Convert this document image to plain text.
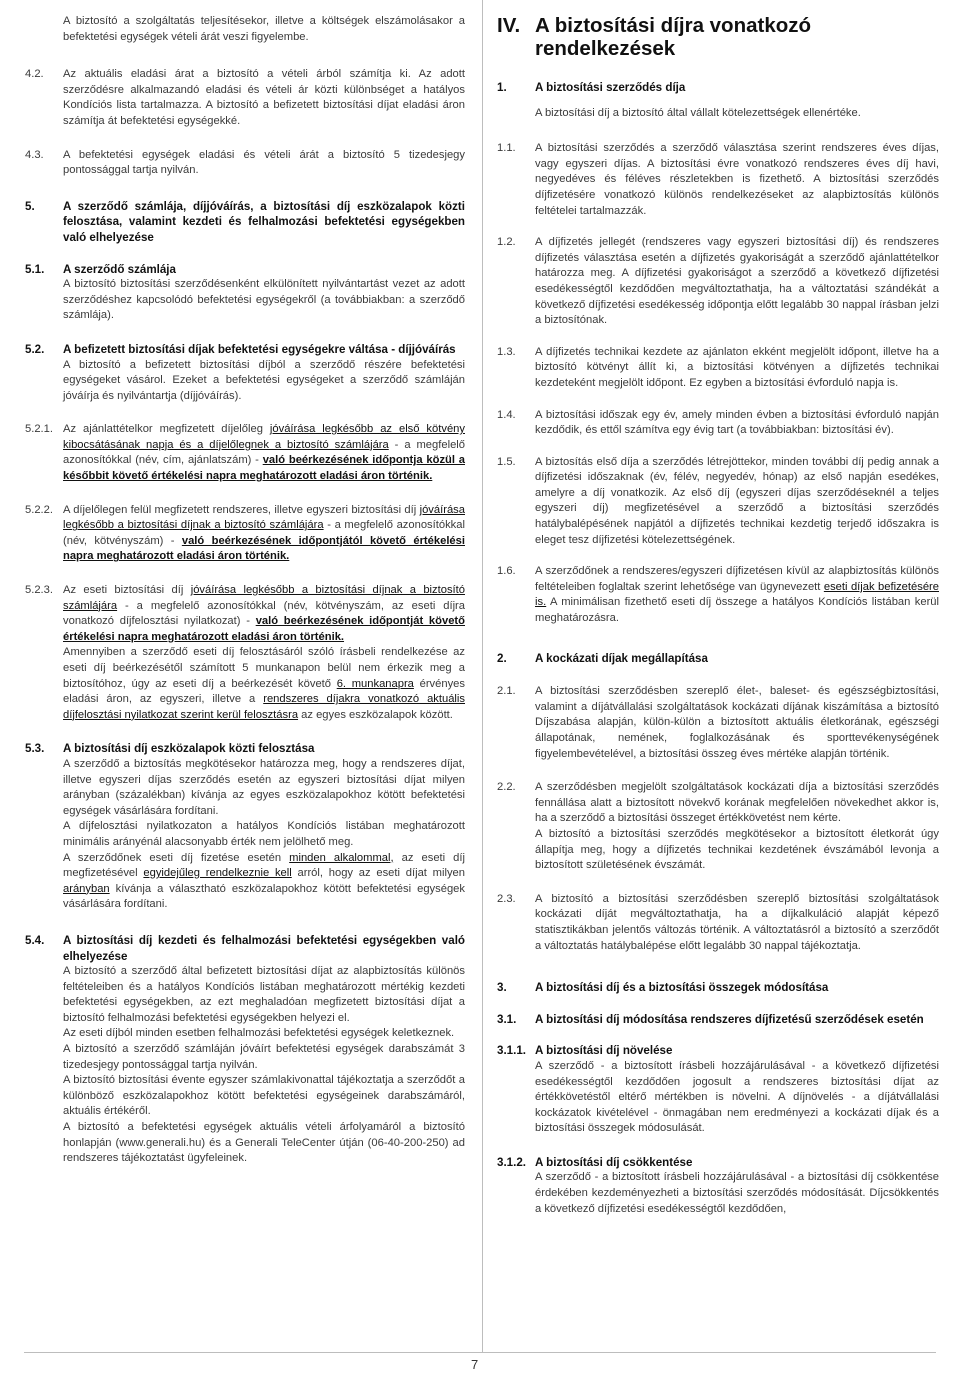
A biztosító a szolgáltatás teljesítésekor, illetve a költségek elszámolásakor a befektetési egységek vételi árát veszi figyelembe.
4.2.	Az aktuális eladási árat a biztosító a vételi árból számítja ki. Az adott szerződésre alkalmazandó eladási és vételi ár közti különbséget a hatályos Kondíciós lista tartalmazza. A biztosító a befizetett biztosítási díjat eladási áron számítja át befektetési egységekké.
4.3.	A befektetési egységek eladási és vételi árát a biztosító 5 tizedesjegy pontossággal tartja nyilván.
5.	A szerződő számlája, díjjóváírás, a biztosítási díj eszközalapok közti felosztása, valamint kezdeti és felhalmozási befektetési egységekben való elhelyezése
5.1.	A szerződő számlája
A biztosító biztosítási szerződésenként elkülönített nyilvántartást vezet az adott szerződéshez kapcsolódó befektetési egységekről (a továbbiakban: a szerződő számlája).
5.2.	A befizetett biztosítási díjak befektetési egységekre váltása - díjjóváírás
A biztosító a befizetett biztosítási díjból a szerződő részére befektetési egységeket vásárol. Ezeket a befektetési egységeket a szerződő számláján jóváírja és nyilvántartja (díjjóváírás).
5.2.1. Az ajánlattételkor megfizetett díjelőleg jóváírása legkésőbb az első kötvény kibocsátásának napja és a díjelőlegnek a biztosító számlájára - a megfelelő azonosítókkal (név, cím, ajánlatszám) - való beérkezésének időpontja közül a későbbit követő értékelési napra meghatározott eladási áron történik.
5.2.2. A díjelőlegen felül megfizetett rendszeres, illetve egyszeri biztosítási díj jóváírása legkésőbb a biztosítási díjnak a biztosító számlájára - a megfelelő azonosítókkal (név, kötvényszám) - való beérkezésének időpontjától követő értékelési napra meghatározott eladási áron történik.
5.2.3. Az eseti biztosítási díj jóváírása legkésőbb a biztosítási díjnak a biztosító számlájára - a megfelelő azonosítókkal (név, kötvényszám, az eseti díjra vonatkozó díjfelosztási nyilatkozat) - való beérkezésének időpontját követő értékelési napra meghatározott eladási áron történik.

Amennyiben a szerződő eseti díj felosztásáról szóló írásbeli rendelkezése az eseti díj beérkezésétől számított 5 munkanapon belül nem érkezik meg a biztosítóhoz, úgy az eseti díj a beérkezését követő 6. munkanapra érvényes eladási áron, az egyszeri, illetve a rendszeres díjakra vonatkozó aktuális díjfelosztási nyilatkozat szerint kerül felosztásra az egyes eszközalapok között.

5.3.	A biztosítási díj eszközalapok közti felosztása

A szerződő a biztosítás megkötésekor határozza meg, hogy a rendszeres díjat, illetve egyszeri díjas szerződés esetén az egyszeri biztosítási díjat milyen arányban (százalékban) kívánja az egyes eszközalapokhoz kötött befektetési egységek vásárlására fordítani.

A díjfelosztási nyilatkozaton a hatályos Kondíciós listában meghatározott minimális arányénál alacsonyabb érték nem jelölhető meg.

A szerződőnek eseti díj fizetése esetén minden alkalommal, az eseti díj megfizetésével egyidejűleg rendelkeznie kell arról, hogy az eseti díjat milyen arányban kívánja a választható eszközalapokhoz kötött befektetési egységek vásárlására fordítani.

5.4.	A biztosítási díj kezdeti és felhalmozási befektetési egységekben való elhelyezése

A biztosító a szerződő által befizetett biztosítási díjat az alapbiztosítás különös feltételeiben és a hatályos Kondíciós listában meghatározott mértékig kezdeti befektetési egységekben, az ezt meghaladóan megfizetett biztosítási díjat a biztosító felhalmozási befektetési egységekben helyezi el.

Az eseti díjból minden esetben felhalmozási befektetési egységek keletkeznek.

A biztosító a szerződő számláján jóváírt befektetési egységek darabszámát 3 tizedesjegy pontossággal tartja nyilván.

A biztosító biztosítási évente egyszer számlakivonattal tájékoztatja a szerződőt a különböző eszközalapokhoz kötött befektetési egységeinek darabszámáról, aktuális értékéről.

A biztosító a befektetési egységek aktuális vételi árfolyamáról a biztosító honlapján (www.generali.hu) és a Generali TeleCenter útján (06-40-200-250) ad rendszeres tájékoztatást ügyfeleinek.

IV. A biztosítási díjra vonatkozó rendelkezések
1.	A biztosítási szerződés díja
A biztosítási díj a biztosító által vállalt kötelezettségek ellenértéke.
1.1.	A biztosítási szerződés a szerződő választása szerint rendszeres éves díjas, vagy egyszeri díjas. A biztosítási évre vonatkozó rendszeres éves díj havi, negyedéves és féléves részletekben is fizethető. A biztosítási szerződés díjfizetésére vonatkozó különös rendelkezéseket az alapbiztosítás különös feltételei tartalmazzák.
1.2.	A díjfizetés jellegét (rendszeres vagy egyszeri biztosítási díj) és rendszeres díjfizetés választása esetén a díjfizetés gyakoriságát a szerződő ajánlattételkor határozza meg. A díjfizetési gyakoriságot a szerződő a következő díjfizetési esedékességtől kezdődően megváltoztathatja, ha a változtatási szándékát a következő díjfizetési esedékesség időpontja előtt legalább 30 nappal írásban jelzi a biztosítónak.
1.3.	A díjfizetés technikai kezdete az ajánlaton ekként megjelölt időpont, illetve ha a biztosító kötvényt állít ki, a biztosítási kötvényen a díjfizetés technikai kezdeteként megjelölt időpont. Ez egyben a biztosítási évforduló napja is.
1.4.	A biztosítási időszak egy év, amely minden évben a biztosítási évforduló napján kezdődik, és ettől számítva egy évig tart (a továbbiakban: biztosítási év).
1.5.	A biztosítás első díja a szerződés létrejöttekor, minden további díj pedig annak a díjfizetési időszaknak (év, félév, negyedév, hónap) az első napján esedékes, amelyre a díj vonatkozik. Az első díj (egyszeri díjas szerződéseknél a teljes egyszeri díj) megfizetésével a szerződő a biztosítási szerződés hatálybalépésének napjától a díjfizetés technikai kezdetig terjedő időszakra is eleget tesz díjfizetési kötelezettségének.
1.6.	A szerződőnek a rendszeres/egyszeri díjfizetésen kívül az alapbiztosítás különös feltételeiben foglaltak szerint lehetősége van ügynevezett eseti díjak befizetésére is. A minimálisan fizethető eseti díj összege a hatályos Kondíciós listában kerül meghatározásra.
2.	A kockázati díjak megállapítása
2.1.	A biztosítási szerződésben szereplő élet-, baleset- és egészségbiztosítási, valamint a díjátvállalási szolgáltatások kockázati díjának kiszámítása a biztosító Díjszabása alapján, külön-külön a biztosított aktuális életkorának, egészségi állapotának, nemének, foglalkozásának és sporttevékenységének figyelembevételével, a biztosítási összeg éves mértéke alapján történik.
2.2.	A szerződésben megjelölt szolgáltatások kockázati díja a biztosítási szerződés fennállása alatt a biztosított növekvő korának megfelelően növekedhet akkor is, ha a szerződő a biztosítási összeget értékkövetést nem kérte.

A biztosító a biztosítási szerződés megkötésekor a biztosított életkorát úgy állapítja meg, hogy a díjfizetés technikai kezdetének évszámából levonja a biztosított születésének évszámát.

2.3.	A biztosító a biztosítási szerződésben szereplő biztosítási szolgáltatások kockázati díját megváltoztathatja, ha a díjkalkuláció alapját képező statisztikákban jelentős változás történik. A változtatásról a biztosító a szerződőt a változtatás hatálybalépése előtt legalább 30 nappal tájékoztatja.
3.	A biztosítási díj és a biztosítási összegek módosítása
3.1.	A biztosítási díj módosítása rendszeres díjfizetésű szerződések esetén
3.1.1. A biztosítási díj növelése
A szerződő - a biztosított írásbeli hozzájárulásával - a következő díjfizetési esedékességtől kezdődően jogosult a rendszeres biztosítási díjat az értékkövetéstől eltérő mértékben is növelni. A díjnövelés - a díjátvállalási kockázatok kivételével - önmagában nem eredményezi a kockázati díjak és a biztosítási összegek módosulását.
3.1.2. A biztosítási díj csökkentése
A szerződő - a biztosított írásbeli hozzájárulásával - a biztosítási díj csökkentése érdekében kezdeményezheti a biztosítási szerződés módosítását. Díjcsökkentés a következő díjfizetési esedékességtől kezdődően,
7
